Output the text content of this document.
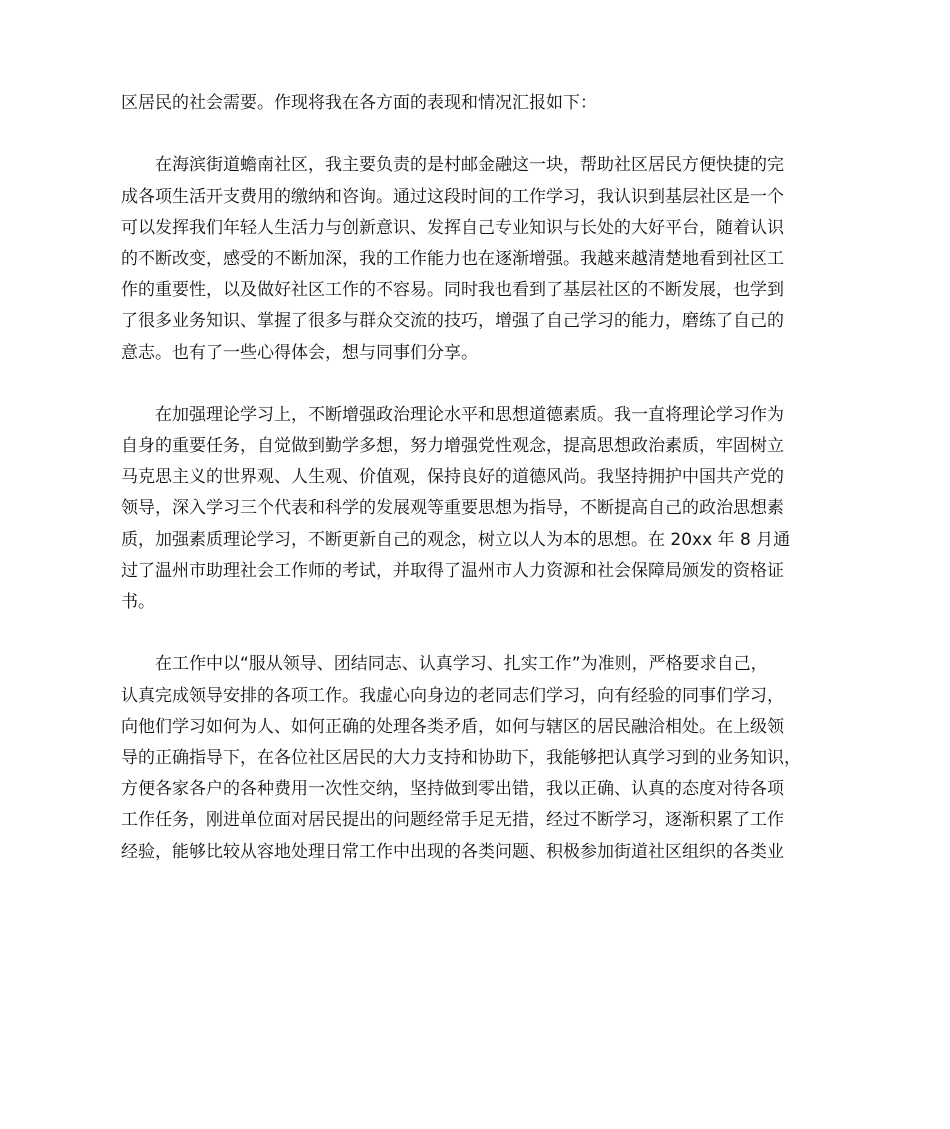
区居民的社会需要。作现将我在各方面的表现和情况汇报如下：
在海滨街道蟾南社区，我主要负责的是村邮金融这一块，帮助社区居民方便快捷的完
成各项生活开支费用的缴纳和咨询。通过这段时间的工作学习，我认识到基层社区是一个
可以发挥我们年轻人生活力与创新意识、发挥自己专业知识与长处的大好平台，随着认识
的不断改变，感受的不断加深，我的工作能力也在逐渐增强。我越来越清楚地看到社区工
作的重要性，以及做好社区工作的不容易。同时我也看到了基层社区的不断发展，也学到
了很多业务知识、掌握了很多与群众交流的技巧，增强了自己学习的能力，磨练了自己的
意志。也有了一些心得体会，想与同事们分享。
在加强理论学习上，不断增强政治理论水平和思想道德素质。我一直将理论学习作为
自身的重要任务，自觉做到勤学多想，努力增强党性观念，提高思想政治素质，牢固树立
马克思主义的世界观、人生观、价值观，保持良好的道德风尚。我坚持拥护中国共产党的
领导，深入学习三个代表和科学的发展观等重要思想为指导，不断提高自己的政治思想素
质，加强素质理论学习，不断更新自己的观念，树立以人为本的思想。在 20xx 年 8 月通
过了温州市助理社会工作师的考试，并取得了温州市人力资源和社会保障局颁发的资格证
书。
在工作中以“服从领导、团结同志、认真学习、扎实工作”为准则，严格要求自己，
认真完成领导安排的各项工作。我虚心向身边的老同志们学习，向有经验的同事们学习，
向他们学习如何为人、如何正确的处理各类矛盾，如何与辖区的居民融洽相处。在上级领
导的正确指导下，在各位社区居民的大力支持和协助下，我能够把认真学习到的业务知识，
方便各家各户的各种费用一次性交纳，坚持做到零出错，我以正确、认真的态度对待各项
工作任务，刚进单位面对居民提出的问题经常手足无措，经过不断学习，逐渐积累了工作
经验，能够比较从容地处理日常工作中出现的各类问题、积极参加街道社区组织的各类业
